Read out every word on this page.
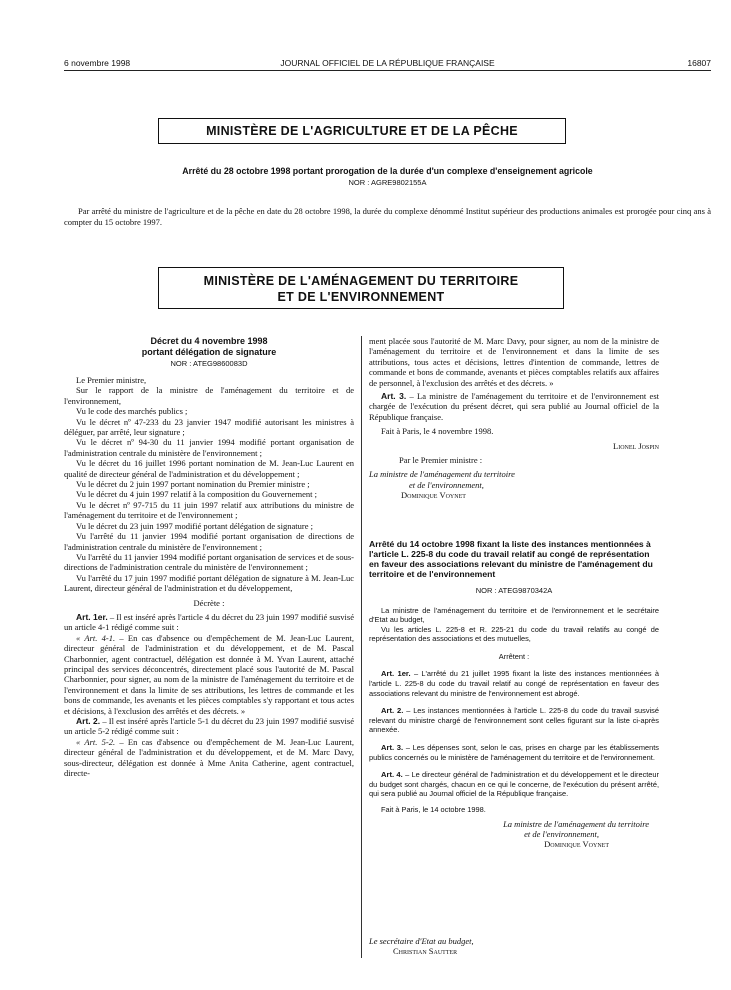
6 novembre 1998	JOURNAL OFFICIEL DE LA RÉPUBLIQUE FRANÇAISE	16807
MINISTÈRE DE L'AGRICULTURE ET DE LA PÊCHE
Arrêté du 28 octobre 1998 portant prorogation de la durée d'un complexe d'enseignement agricole
NOR : AGRE9802155A

Par arrêté du ministre de l'agriculture et de la pêche en date du 28 octobre 1998, la durée du complexe dénommé Institut supérieur des productions animales est prorogée pour cinq ans à compter du 15 octobre 1997.

MINISTÈRE DE L'AMÉNAGEMENT DU TERRITOIRE
ET DE L'ENVIRONNEMENT
Décret du 4 novembre 1998
portant délégation de signature
NOR : ATEG9860083D

Le Premier ministre,

Sur le rapport de la ministre de l'aménagement du territoire et de l'environnement,

Vu le code des marchés publics ;

Vu le décret nº 47-233 du 23 janvier 1947 modifié autorisant les ministres à déléguer, par arrêté, leur signature ;

Vu le décret nº 94-30 du 11 janvier 1994 modifié portant organisation de l'administration centrale du ministère de l'environnement ;

Vu le décret du 16 juillet 1996 portant nomination de M. Jean-Luc Laurent en qualité de directeur général de l'administration et du développement ;

Vu le décret du 2 juin 1997 portant nomination du Premier ministre ;

Vu le décret du 4 juin 1997 relatif à la composition du Gouvernement ;

Vu le décret nº 97-715 du 11 juin 1997 relatif aux attributions du ministre de l'aménagement du territoire et de l'environnement ;

Vu le décret du 23 juin 1997 modifié portant délégation de signature ;

Vu l'arrêté du 11 janvier 1994 modifié portant organisation de directions de l'administration centrale du ministère de l'environnement ;

Vu l'arrêté du 11 janvier 1994 modifié portant organisation de services et de sous-directions de l'administration centrale du ministère de l'environnement ;

Vu l'arrêté du 17 juin 1997 modifié portant délégation de signature à M. Jean-Luc Laurent, directeur général de l'administration et du développement,

Décrète :

Art. 1er. – Il est inséré après l'article 4 du décret du 23 juin 1997 modifié susvisé un article 4-1 rédigé comme suit :

« Art. 4-1. – En cas d'absence ou d'empêchement de M. Jean-Luc Laurent, directeur général de l'administration et du développement, et de M. Pascal Charbonnier, agent contractuel, délégation est donnée à M. Yvan Laurent, attaché principal des services déconcentrés, directement placé sous l'autorité de M. Pascal Charbonnier, pour signer, au nom de la ministre de l'aménagement du territoire et de l'environnement et dans la limite de ses attributions, les lettres de commande et les bons de commande, les avenants et les pièces comptables s'y rapportant et tous actes et décisions, à l'exclusion des arrêtés et des décrets. »

Art. 2. – Il est inséré après l'article 5-1 du décret du 23 juin 1997 modifié susvisé un article 5-2 rédigé comme suit :

« Art. 5-2. – En cas d'absence ou d'empêchement de M. Jean-Luc Laurent, directeur général de l'administration et du développement, et de M. Marc Davy, sous-directeur, délégation est donnée à Mme Anita Catherine, agent contractuel, directe-

ment placée sous l'autorité de M. Marc Davy, pour signer, au nom de la ministre de l'aménagement du territoire et de l'environnement et dans la limite de ses attributions, tous actes et décisions, lettres d'intention de commande, lettres de commande et bons de commande, avenants et pièces comptables relatifs aux affaires de personnel, à l'exclusion des arrêtés et des décrets. »

Art. 3. – La ministre de l'aménagement du territoire et de l'environnement est chargée de l'exécution du présent décret, qui sera publié au Journal officiel de la République française.

Fait à Paris, le 4 novembre 1998.

Lionel Jospin

Par le Premier ministre :

La ministre de l'aménagement du territoire
et de l'environnement,
Dominique Voynet

Arrêté du 14 octobre 1998 fixant la liste des instances mentionnées à l'article L. 225-8 du code du travail relatif au congé de représentation en faveur des associations relevant du ministre de l'aménagement du territoire et de l'environnement

NOR : ATEG9870342A

La ministre de l'aménagement du territoire et de l'environnement et le secrétaire d'Etat au budget,

Vu les articles L. 225-8 et R. 225-21 du code du travail relatifs au congé de représentation des associations et des mutuelles,

Arrêtent :

Art. 1er. – L'arrêté du 21 juillet 1995 fixant la liste des instances mentionnées à l'article L. 225-8 du code du travail relatif au congé de représentation en faveur des associations relevant du ministre de l'environnement est abrogé.

Art. 2. – Les instances mentionnées à l'article L. 225-8 du code du travail susvisé relevant du ministre chargé de l'environnement sont celles figurant sur la liste ci-après annexée.

Art. 3. – Les dépenses sont, selon le cas, prises en charge par les établissements publics concernés ou le ministère de l'aménagement du territoire et de l'environnement.

Art. 4. – Le directeur général de l'administration et du développement et le directeur du budget sont chargés, chacun en ce qui le concerne, de l'exécution du présent arrêté, qui sera publié au Journal officiel de la République française.

Fait à Paris, le 14 octobre 1998.

La ministre de l'aménagement du territoire
et de l'environnement,
Dominique Voynet
Le secrétaire d'Etat au budget,
Christian Sautter
